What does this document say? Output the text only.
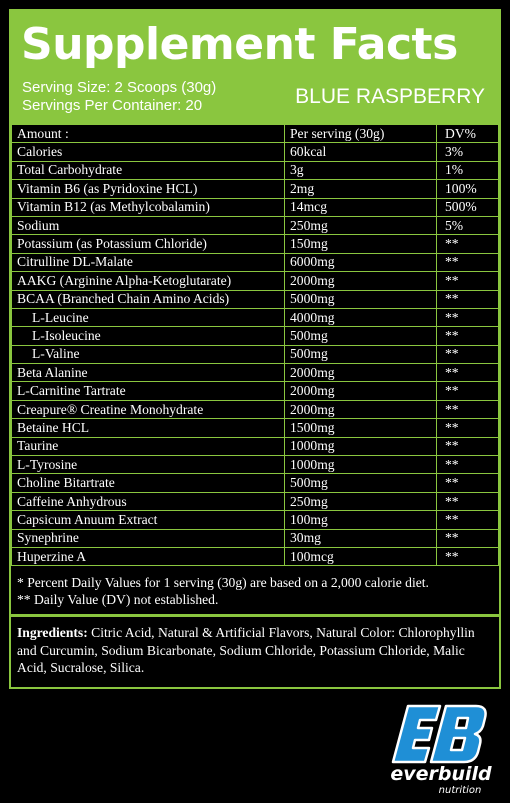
Supplement Facts
Serving Size: 2 Scoops (30g)
Servings Per Container: 20	BLUE RASPBERRY
Amount :	Per serving (30g)	DV%
Calories	60kcal	3%
Total Carbohydrate	3g	1%
Vitamin B6 (as Pyridoxine HCL)	2mg	100%
Vitamin B12 (as Methylcobalamin)	14mcg	500%
Sodium	250mg	5%
Potassium (as Potassium Chloride)	150mg	**
Citrulline DL-Malate	6000mg	**
AAKG (Arginine Alpha-Ketoglutarate)	2000mg	**
BCAA (Branched Chain Amino Acids)	5000mg	**
L-Leucine	4000mg	**
L-Isoleucine	500mg	**
L-Valine	500mg	**
Beta Alanine	2000mg	**
L-Carnitine Tartrate	2000mg	**
Creapure® Creatine Monohydrate	2000mg	**
Betaine HCL	1500mg	**
Taurine	1000mg	**
L-Tyrosine	1000mg	**
Choline Bitartrate	500mg	**
Caffeine Anhydrous	250mg	**
Capsicum Anuum Extract	100mg	**
Synephrine	30mg	**
Huperzine A	100mcg	**
* Percent Daily Values for 1 serving (30g) are based on a 2,000 calorie diet.
** Daily Value (DV) not established.
Ingredients: Citric Acid, Natural & Artificial Flavors, Natural Color: Chlorophyllin and Curcumin, Sodium Bicarbonate, Sodium Chloride, Potassium Chloride, Malic Acid, Sucralose, Silica.
everbuild
nutrition
